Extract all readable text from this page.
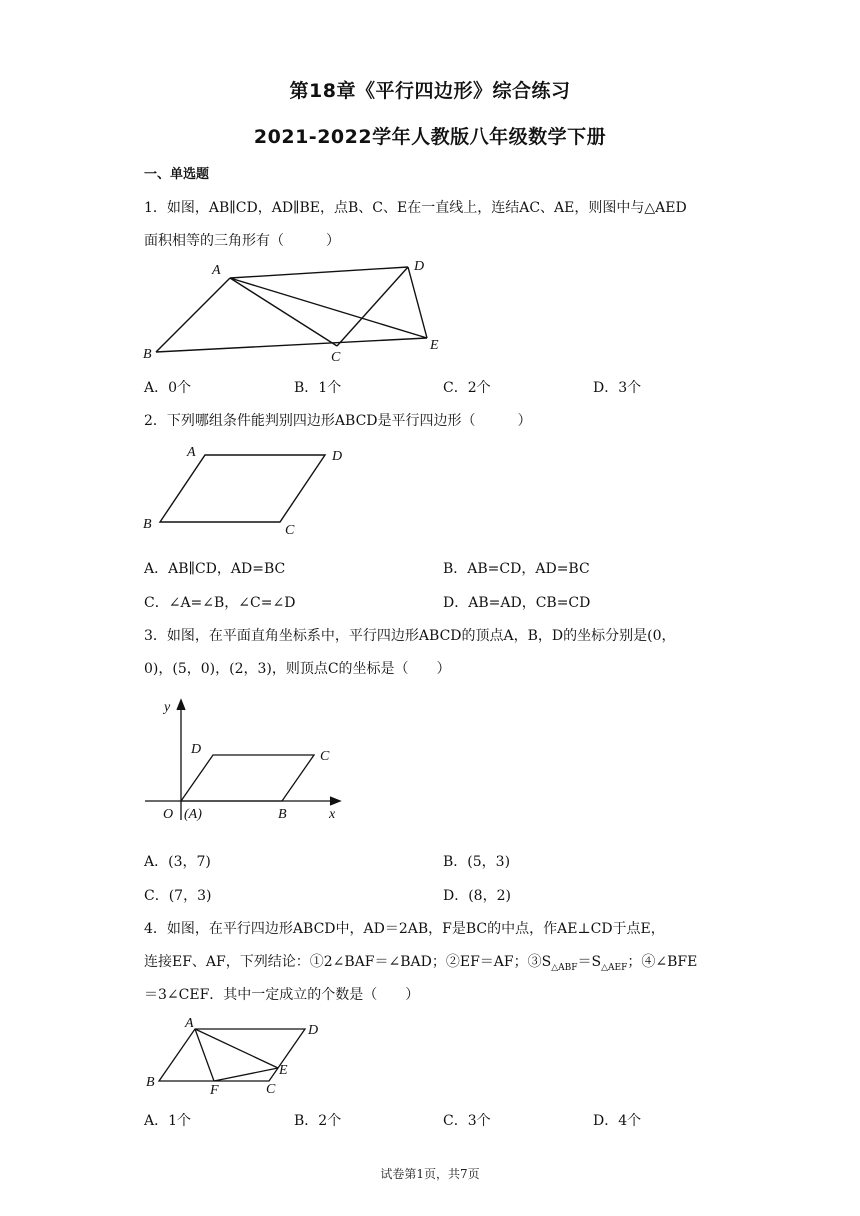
第18章《平行四边形》综合练习
2021-2022学年人教版八年级数学下册
一、单选题
1．如图，AB∥CD，AD∥BE，点B、C、E在一直线上，连结AC、AE，则图中与△AED
面积相等的三角形有（　　　）
A	D
B	C
E
A．0个	B．1个	C．2个	D．3个
2．下列哪组条件能判别四边形ABCD是平行四边形（　　　）
A	D
B	C
A．AB∥CD，AD=BC	B．AB=CD，AD=BC
C．∠A=∠B，∠C=∠D	D．AB=AD，CB=CD
3．如图，在平面直角坐标系中，平行四边形ABCD的顶点A，B，D的坐标分别是(0，
0)，(5，0)，(2，3)，则顶点C的坐标是（　　）
y
D	C
O (A)	B	x
A．(3，7)	B．(5，3)
C．(7，3)	D．(8，2)
4．如图，在平行四边形ABCD中，AD＝2AB，F是BC的中点，作AE⊥CD于点E，
连接EF、AF，下列结论：①2∠BAF＝∠BAD；②EF＝AF；$③S_{\triangle ABF}=S_{\triangle AEF}$；④∠BFE
＝3∠CEF．其中一定成立的个数是（　　）
A	D
B
F	C
E
A．1个	B．2个	C．3个	D．4个
试卷第1页，共7页
